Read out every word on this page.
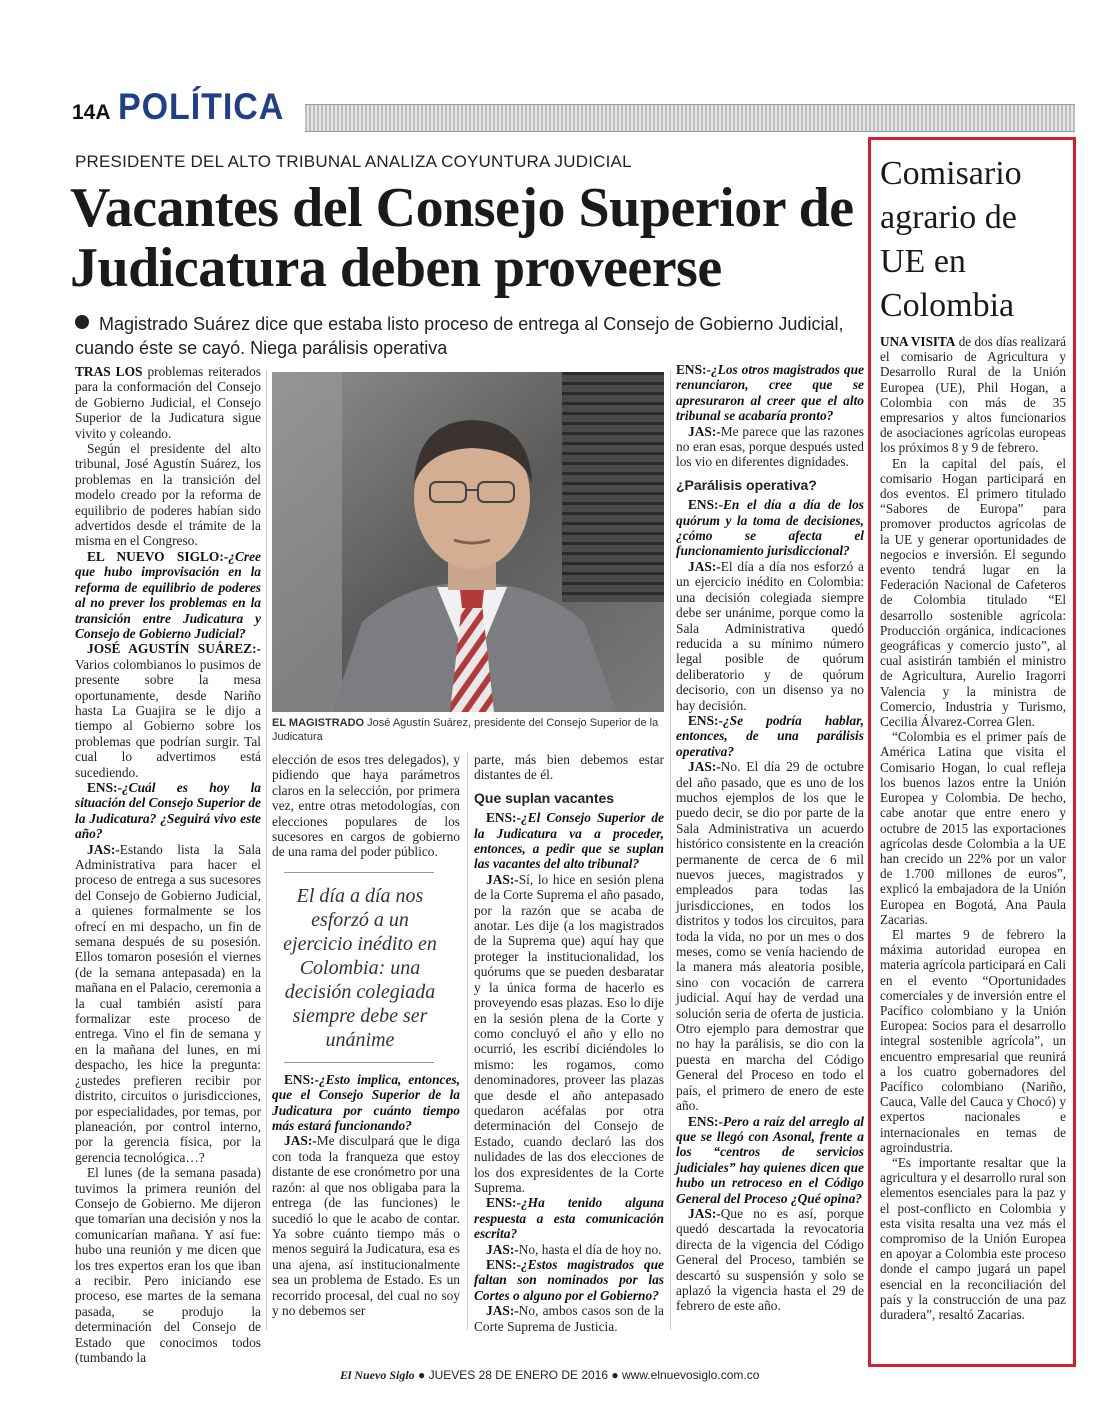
14A POLÍTICA
PRESIDENTE DEL ALTO TRIBUNAL ANALIZA COYUNTURA JUDICIAL
Vacantes del Consejo Superior de Judicatura deben proveerse
Magistrado Suárez dice que estaba listo proceso de entrega al Consejo de Gobierno Judicial, cuando éste se cayó. Niega parálisis operativa

TRAS LOS problemas reiterados para la conformación del Consejo de Gobierno Judicial, el Consejo Superior de la Judicatura sigue vivito y coleando.

Según el presidente del alto tribunal, José Agustín Suárez, los problemas en la transición del modelo creado por la reforma de equilibrio de poderes habían sido advertidos desde el trámite de la misma en el Congreso.

EL NUEVO SIGLO:-¿Cree que hubo improvisación en la reforma de equilibrio de poderes al no prever los problemas en la transición entre Judicatura y Consejo de Gobierno Judicial?

JOSÉ AGUSTÍN SUÁREZ:-Varios colombianos lo pusimos de presente sobre la mesa oportunamente, desde Nariño hasta La Guajira se le dijo a tiempo al Gobierno sobre los problemas que podrían surgir. Tal cual lo advertimos está sucediendo.

ENS:-¿Cuál es hoy la situación del Consejo Superior de la Judicatura? ¿Seguirá vivo este año?

JAS:-Estando lista la Sala Administrativa para hacer el proceso de entrega a sus sucesores del Consejo de Gobierno Judicial, a quienes formalmente se los ofrecí en mi despacho, un fin de semana después de su posesión. Ellos tomaron posesión el viernes (de la semana antepasada) en la mañana en el Palacio, ceremonia a la cual también asistí para formalizar este proceso de entrega. Vino el fin de semana y en la mañana del lunes, en mi despacho, les hice la pregunta: ¿ustedes prefieren recibir por distrito, circuitos o jurisdicciones, por especialidades, por temas, por planeación, por control interno, por la gerencia física, por la gerencia tecnológica…?

El lunes (de la semana pasada) tuvimos la primera reunión del Consejo de Gobierno. Me dijeron que tomarían una decisión y nos la comunicarían mañana. Y así fue: hubo una reunión y me dicen que los tres expertos eran los que iban a recibir. Pero iniciando ese proceso, ese martes de la semana pasada, se produjo la determinación del Consejo de Estado que conocimos todos (tumbando la

EL MAGISTRADO José Agustín Suárez, presidente del Consejo Superior de la Judicatura

elección de esos tres delegados), y pidiendo que haya parámetros claros en la selección, por primera vez, entre otras metodologías, con elecciones populares de los sucesores en cargos de gobierno de una rama del poder público.

ENS:-¿Esto implica, entonces, que el Consejo Superior de la Judicatura por cuánto tiempo más estará funcionando?

JAS:-Me disculpará que le diga con toda la franqueza que estoy distante de ese cronómetro por una razón: al que nos obligaba para la entrega (de las funciones) le sucedió lo que le acabo de contar. Ya sobre cuánto tiempo más o menos seguirá la Judicatura, esa es una ajena, así institucionalmente sea un problema de Estado. Es un recorrido procesal, del cual no soy y no debemos ser

El día a día nos esforzó a un ejercicio inédito en Colombia: una decisión colegiada siempre debe ser unánime

parte, más bien debemos estar distantes de él.

Que suplan vacantes

ENS:-¿El Consejo Superior de la Judicatura va a proceder, entonces, a pedir que se suplan las vacantes del alto tribunal?

JAS:-Sí, lo hice en sesión plena de la Corte Suprema el año pasado, por la razón que se acaba de anotar. Les dije (a los magistrados de la Suprema que) aquí hay que proteger la institucionalidad, los quórums que se pueden desbaratar y la única forma de hacerlo es proveyendo esas plazas. Eso lo dije en la sesión plena de la Corte y como concluyó el año y ello no ocurrió, les escribí diciéndoles lo mismo: les rogamos, como denominadores, proveer las plazas que desde el año antepasado quedaron acéfalas por otra determinación del Consejo de Estado, cuando declaró las dos nulidades de las dos elecciones de los dos expresidentes de la Corte Suprema.

ENS:-¿Ha tenido alguna respuesta a esta comunicación escrita?

JAS:-No, hasta el día de hoy no.

ENS:-¿Estos magistrados que faltan son nominados por las Cortes o alguno por el Gobierno?

JAS:-No, ambos casos son de la Corte Suprema de Justicia.

ENS:-¿Los otros magistrados que renunciaron, cree que se apresuraron al creer que el alto tribunal se acabaría pronto?

JAS:-Me parece que las razones no eran esas, porque después usted los vio en diferentes dignidades.

¿Parálisis operativa?

ENS:-En el día a día de los quórum y la toma de decisiones, ¿cómo se afecta el funcionamiento jurisdiccional?

JAS:-El día a día nos esforzó a un ejercicio inédito en Colombia: una decisión colegiada siempre debe ser unánime, porque como la Sala Administrativa quedó reducida a su mínimo número legal posible de quórum deliberatorio y de quórum decisorio, con un disenso ya no hay decisión.

ENS:-¿Se podría hablar, entonces, de una parálisis operativa?

JAS:-No. El día 29 de octubre del año pasado, que es uno de los muchos ejemplos de los que le puedo decir, se dio por parte de la Sala Administrativa un acuerdo histórico consistente en la creación permanente de cerca de 6 mil nuevos jueces, magistrados y empleados para todas las jurisdicciones, en todos los distritos y todos los circuitos, para toda la vida, no por un mes o dos meses, como se venía haciendo de la manera más aleatoria posible, sino con vocación de carrera judicial. Aquí hay de verdad una solución seria de oferta de justicia. Otro ejemplo para demostrar que no hay la parálisis, se dio con la puesta en marcha del Código General del Proceso en todo el país, el primero de enero de este año.

ENS:-Pero a raíz del arreglo al que se llegó con Asonal, frente a los “centros de servicios judiciales” hay quienes dicen que hubo un retroceso en el Código General del Proceso ¿Qué opina?

JAS:-Que no es así, porque quedó descartada la revocatoria directa de la vigencia del Código General del Proceso, también se descartó su suspensión y solo se aplazó la vigencia hasta el 29 de febrero de este año.

Comisario agrario de UE en Colombia

UNA VISITA de dos días realizará el comisario de Agricultura y Desarrollo Rural de la Unión Europea (UE), Phil Hogan, a Colombia con más de 35 empresarios y altos funcionarios de asociaciones agrícolas europeas los próximos 8 y 9 de febrero.

En la capital del país, el comisario Hogan participará en dos eventos. El primero titulado “Sabores de Europa” para promover productos agrícolas de la UE y generar oportunidades de negocios e inversión. El segundo evento tendrá lugar en la Federación Nacional de Cafeteros de Colombia titulado “El desarrollo sostenible agrícola: Producción orgánica, indicaciones geográficas y comercio justo”, al cual asistirán también el ministro de Agricultura, Aurelio Iragorri Valencia y la ministra de Comercio, Industria y Turismo, Cecilia Álvarez-Correa Glen.

“Colombia es el primer país de América Latina que visita el Comisario Hogan, lo cual refleja los buenos lazos entre la Unión Europea y Colombia. De hecho, cabe anotar que entre enero y octubre de 2015 las exportaciones agrícolas desde Colombia a la UE han crecido un 22% por un valor de 1.700 millones de euros”, explicó la embajadora de la Unión Europea en Bogotá, Ana Paula Zacarias.

El martes 9 de febrero la máxima autoridad europea en materia agrícola participará en Cali en el evento “Oportunidades comerciales y de inversión entre el Pacífico colombiano y la Unión Europea: Socios para el desarrollo integral sostenible agrícola”, un encuentro empresarial que reunirá a los cuatro gobernadores del Pacífico colombiano (Nariño, Cauca, Valle del Cauca y Chocó) y expertos nacionales e internacionales en temas de agroindustria.

“Es importante resaltar que la agricultura y el desarrollo rural son elementos esenciales para la paz y el post-conflicto en Colombia y esta visita resalta una vez más el compromiso de la Unión Europea en apoyar a Colombia este proceso donde el campo jugará un papel esencial en la reconciliación del país y la construcción de una paz duradera”, resaltó Zacarias.

El Nuevo Siglo ● JUEVES 28 DE ENERO DE 2016 ● www.elnuevosiglo.com.co
